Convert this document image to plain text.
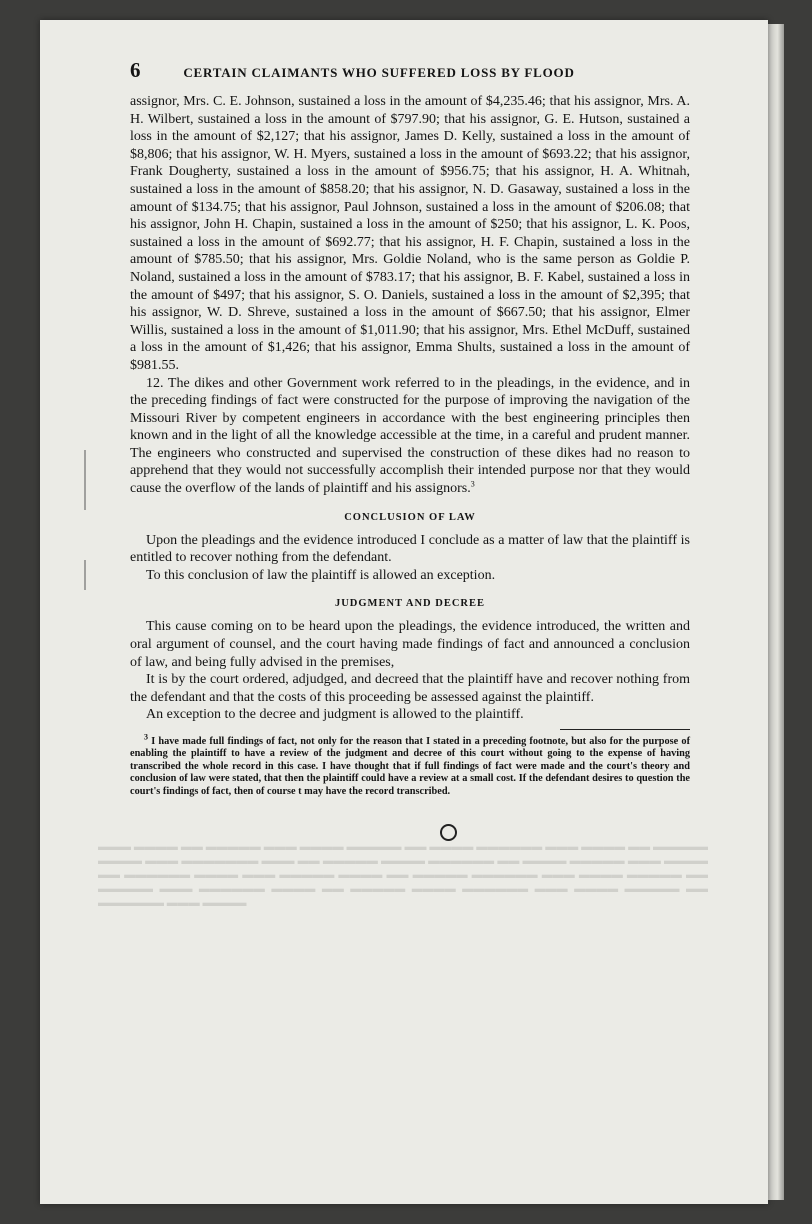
▬▬▬ ▬▬▬▬ ▬▬ ▬▬▬▬▬ ▬▬▬ ▬▬▬▬ ▬▬▬▬▬ ▬▬ ▬▬▬▬ ▬▬▬▬▬▬ ▬▬▬ ▬▬▬▬ ▬▬ ▬▬▬▬▬ ▬▬▬▬ ▬▬▬ ▬▬▬▬▬▬▬ ▬▬▬ ▬▬ ▬▬▬▬▬ ▬▬▬▬ ▬▬▬▬▬▬ ▬▬ ▬▬▬▬ ▬▬▬▬▬ ▬▬▬ ▬▬▬▬ ▬▬ ▬▬▬▬▬▬ ▬▬▬▬ ▬▬▬ ▬▬▬▬▬ ▬▬▬▬ ▬▬ ▬▬▬▬▬ ▬▬▬▬▬▬ ▬▬▬ ▬▬▬▬ ▬▬▬▬▬ ▬▬ ▬▬▬▬▬ ▬▬▬ ▬▬▬▬▬▬ ▬▬▬▬ ▬▬ ▬▬▬▬▬ ▬▬▬▬ ▬▬▬▬▬▬ ▬▬▬ ▬▬▬▬ ▬▬▬▬▬ ▬▬ ▬▬▬▬▬▬ ▬▬▬ ▬▬▬▬
6	CERTAIN CLAIMANTS WHO SUFFERED LOSS BY FLOOD

assignor, Mrs. C. E. Johnson, sustained a loss in the amount of $4,235.46; that his assignor, Mrs. A. H. Wilbert, sustained a loss in the amount of $797.90; that his assignor, G. E. Hutson, sustained a loss in the amount of $2,127; that his assignor, James D. Kelly, sustained a loss in the amount of $8,806; that his assignor, W. H. Myers, sustained a loss in the amount of $693.22; that his assignor, Frank Dougherty, sustained a loss in the amount of $956.75; that his assignor, H. A. Whitnah, sustained a loss in the amount of $858.20; that his assignor, N. D. Gasaway, sustained a loss in the amount of $134.75; that his assignor, Paul Johnson, sustained a loss in the amount of $206.08; that his assignor, John H. Chapin, sustained a loss in the amount of $250; that his assignor, L. K. Poos, sustained a loss in the amount of $692.77; that his assignor, H. F. Chapin, sustained a loss in the amount of $785.50; that his assignor, Mrs. Goldie Noland, who is the same person as Goldie P. Noland, sustained a loss in the amount of $783.17; that his assignor, B. F. Kabel, sustained a loss in the amount of $497; that his assignor, S. O. Daniels, sustained a loss in the amount of $2,395; that his assignor, W. D. Shreve, sustained a loss in the amount of $667.50; that his assignor, Elmer Willis, sustained a loss in the amount of $1,011.90; that his assignor, Mrs. Ethel McDuff, sustained a loss in the amount of $1,426; that his assignor, Emma Shults, sustained a loss in the amount of $981.55.

12. The dikes and other Government work referred to in the pleadings, in the evidence, and in the preceding findings of fact were constructed for the purpose of improving the navigation of the Missouri River by competent engineers in accordance with the best engineering principles then known and in the light of all the knowledge accessible at the time, in a careful and prudent manner. The engineers who constructed and supervised the construction of these dikes had no reason to apprehend that they would not successfully accomplish their intended purpose nor that they would cause the overflow of the lands of plaintiff and his assignors.$^3$

CONCLUSION OF LAW

Upon the pleadings and the evidence introduced I conclude as a matter of law that the plaintiff is entitled to recover nothing from the defendant.

To this conclusion of law the plaintiff is allowed an exception.

JUDGMENT AND DECREE

This cause coming on to be heard upon the pleadings, the evidence introduced, the written and oral argument of counsel, and the court having made findings of fact and announced a conclusion of law, and being fully advised in the premises,

It is by the court ordered, adjudged, and decreed that the plaintiff have and recover nothing from the defendant and that the costs of this proceeding be assessed against the plaintiff.

An exception to the decree and judgment is allowed to the plaintiff.

$^3$ I have made full findings of fact, not only for the reason that I stated in a preceding footnote, but also for the purpose of enabling the plaintiff to have a review of the judgment and decree of this court without going to the expense of having transcribed the whole record in this case. I have thought that if full findings of fact were made and the court's theory and conclusion of law were stated, that then the plaintiff could have a review at a small cost. If the defendant desires to question the court's findings of fact, then of course t may have the record transcribed.
